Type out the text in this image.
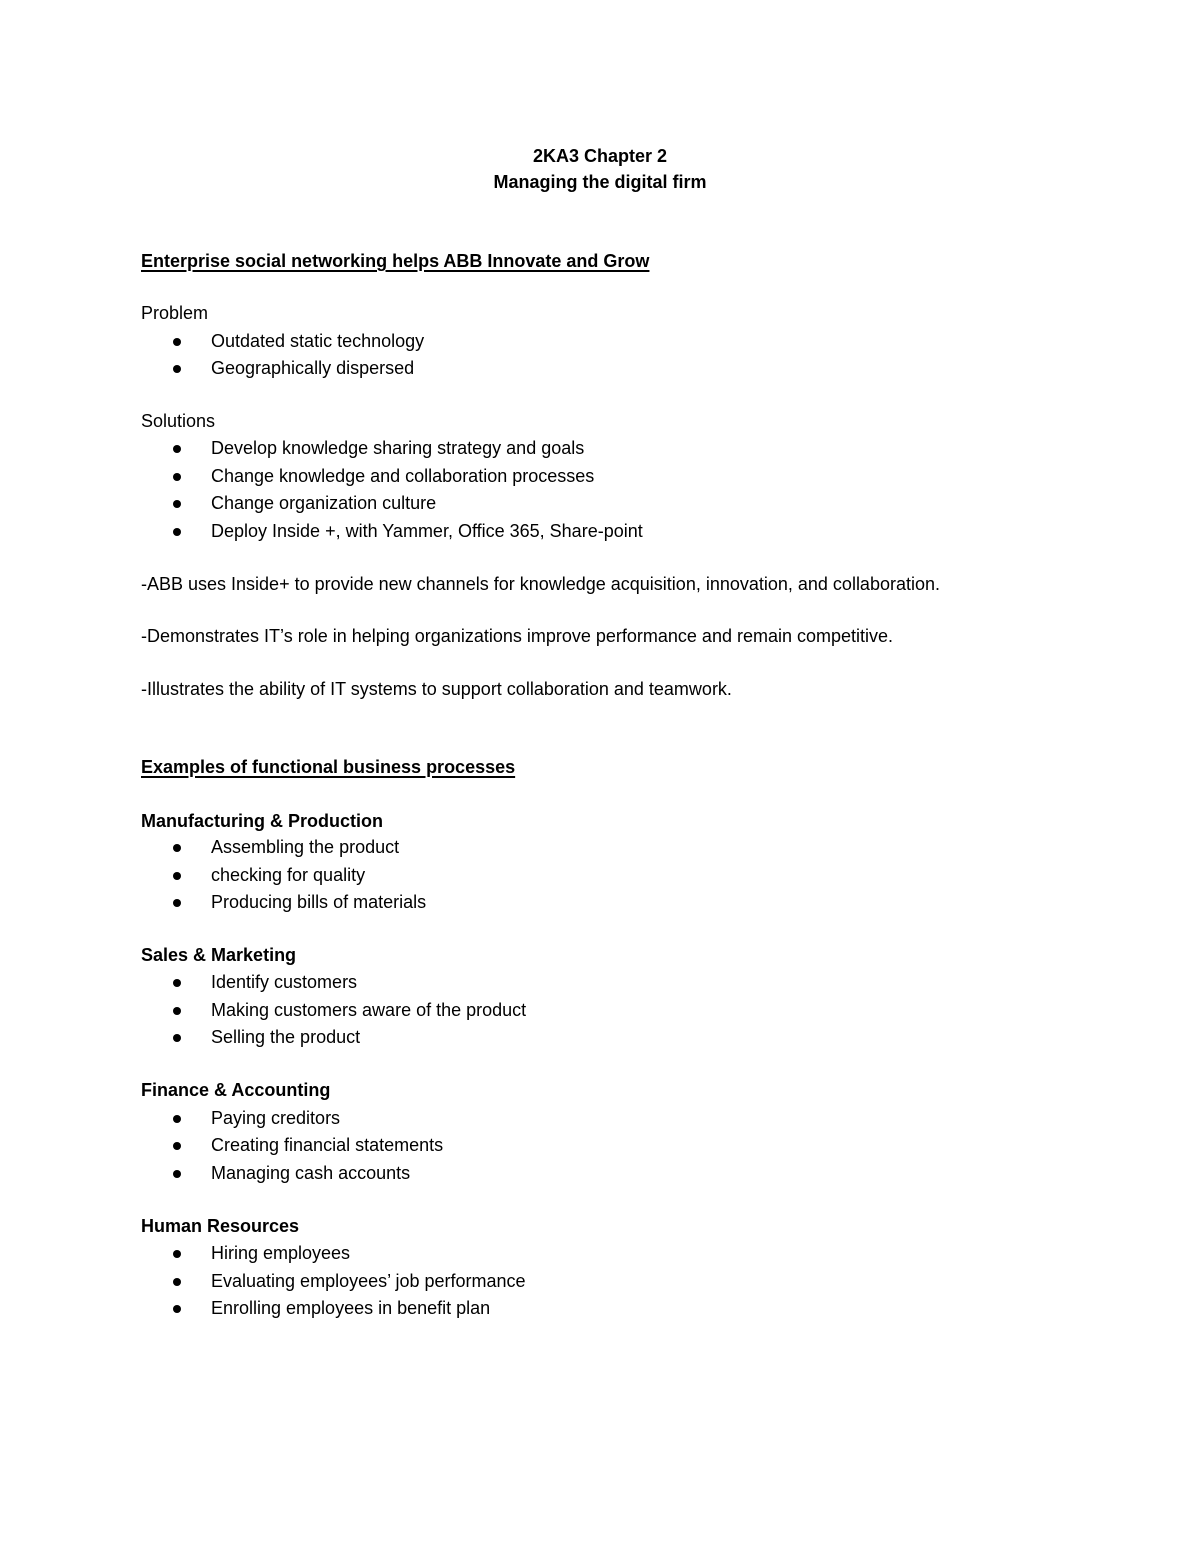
2KA3 Chapter 2
Managing the digital firm
Enterprise social networking helps ABB Innovate and Grow
Problem
Outdated static technology
Geographically dispersed
Solutions
Develop knowledge sharing strategy and goals
Change knowledge and collaboration processes
Change organization culture
Deploy Inside +, with Yammer, Office 365, Share-point
-ABB uses Inside+ to provide new channels for knowledge acquisition, innovation, and collaboration.
-Demonstrates IT’s role in helping organizations improve performance and remain competitive.
-Illustrates the ability of IT systems to support collaboration and teamwork.
Examples of functional business processes
Manufacturing & Production
Assembling the product
checking for quality
Producing bills of materials
Sales & Marketing
Identify customers
Making customers aware of the product
Selling the product
Finance & Accounting
Paying creditors
Creating financial statements
Managing cash accounts
Human Resources
Hiring employees
Evaluating employees’ job performance
Enrolling employees in benefit plan
